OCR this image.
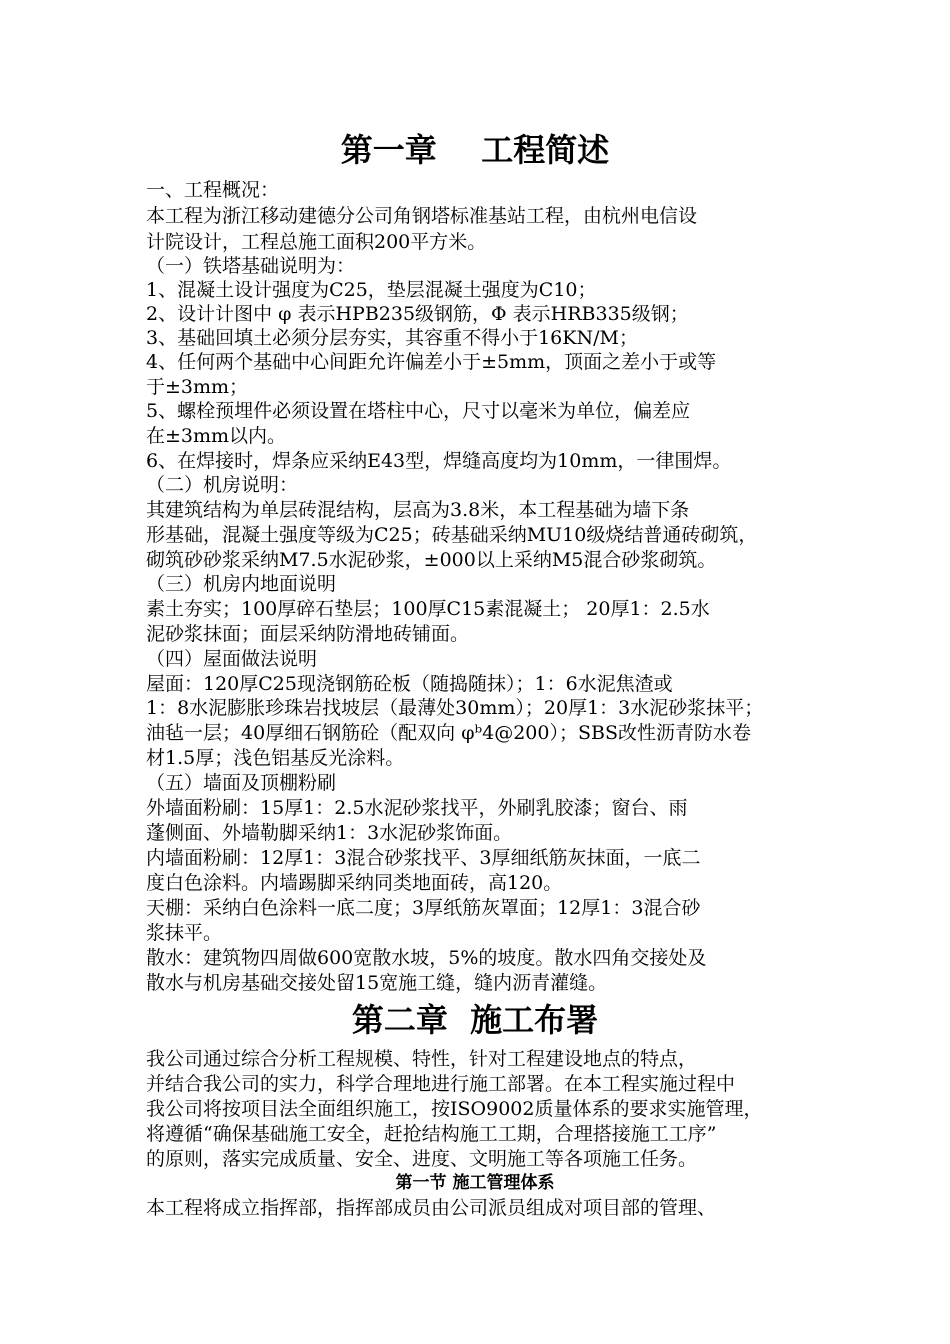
第一章    工程简述
一、工程概况：
本工程为浙江移动建德分公司角钢塔标准基站工程，由杭州电信设
计院设计，工程总施工面积200平方米。
（一）铁塔基础说明为：
1、混凝土设计强度为C25，垫层混凝土强度为C10；
2、设计计图中 φ 表示HPB235级钢筋，Φ 表示HRB335级钢；
3、基础回填土必须分层夯实，其容重不得小于16KN/M；
4、任何两个基础中心间距允许偏差小于±5mm，顶面之差小于或等
于±3mm；
5、螺栓预埋件必须设置在塔柱中心，尺寸以毫米为单位，偏差应
在±3mm以内。
6、在焊接时，焊条应采纳E43型，焊缝高度均为10mm，一律围焊。
（二）机房说明：
其建筑结构为单层砖混结构，层高为3.8米，本工程基础为墙下条
形基础，混凝土强度等级为C25；砖基础采纳MU10级烧结普通砖砌筑，
砌筑砂砂浆采纳M7.5水泥砂浆，±000以上采纳M5混合砂浆砌筑。
（三）机房内地面说明
素土夯实；100厚碎石垫层；100厚C15素混凝土； 20厚1：2.5水
泥砂浆抹面；面层采纳防滑地砖铺面。
（四）屋面做法说明
屋面：120厚C25现浇钢筋砼板（随捣随抹）；1：6水泥焦渣或
1：8水泥膨胀珍珠岩找坡层（最薄处30mm）；20厚1：3水泥砂浆抹平；
油毡一层；40厚细石钢筋砼（配双向 φᵇ4@200）；SBS改性沥青防水卷
材1.5厚；浅色铝基反光涂料。
（五）墙面及顶棚粉刷
外墙面粉刷：15厚1：2.5水泥砂浆找平，外刷乳胶漆；窗台、雨
蓬侧面、外墙勒脚采纳1：3水泥砂浆饰面。
内墙面粉刷：12厚1：3混合砂浆找平、3厚细纸筋灰抹面，一底二
度白色涂料。内墙踢脚采纳同类地面砖，高120。
天棚：采纳白色涂料一底二度；3厚纸筋灰罩面；12厚1：3混合砂
浆抹平。
散水：建筑物四周做600宽散水坡，5%的坡度。散水四角交接处及
散水与机房基础交接处留15宽施工缝，缝内沥青灌缝。
第二章  施工布署
我公司通过综合分析工程规模、特性，针对工程建设地点的特点，
并结合我公司的实力，科学合理地进行施工部署。在本工程实施过程中
我公司将按项目法全面组织施工，按ISO9002质量体系的要求实施管理，
将遵循“确保基础施工安全，赶抢结构施工工期，合理搭接施工工序”
的原则，落实完成质量、安全、进度、文明施工等各项施工任务。
第一节 施工管理体系
本工程将成立指挥部，指挥部成员由公司派员组成对项目部的管理、
